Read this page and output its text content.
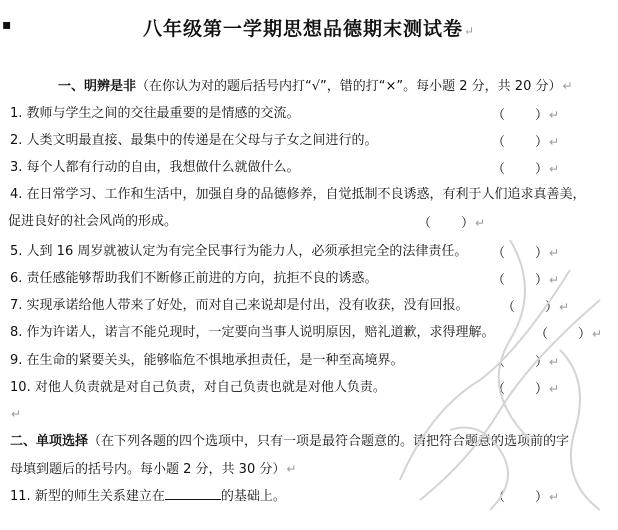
▪	八年级第一学期思想品德期末测试卷↵
一、明辨是非（在你认为对的题后括号内打“√”，错的打“×”。每小题 2 分，共 20 分）↵
1. 教师与学生之间的交往最重要的是情感的交流。	（ ）↵
2. 人类文明最直接、最集中的传递是在父母与子女之间进行的。	（ ）↵
3. 每个人都有行动的自由，我想做什么就做什么。	（ ）↵
4. 在日常学习、工作和生活中，加强自身的品德修养，自觉抵制不良诱惑，有利于人们追求真善美，
促进良好的社会风尚的形成。	（ ）↵
5. 人到 16 周岁就被认定为有完全民事行为能力人，必须承担完全的法律责任。	（ ）↵
6. 责任感能够帮助我们不断修正前进的方向，抗拒不良的诱惑。	（ ）↵
7. 实现承诺给他人带来了好处，而对自己来说却是付出，没有收获，没有回报。	（ ）↵
8. 作为许诺人，诺言不能兑现时，一定要向当事人说明原因，赔礼道歉，求得理解。	（ ）↵
9. 在生命的紧要关头，能够临危不惧地承担责任，是一种至高境界。	（ ）↵
10. 对他人负责就是对自己负责，对自己负责也就是对他人负责。	（ ）↵
↵
二、单项选择（在下列各题的四个选项中，只有一项是最符合题意的。请把符合题意的选项前的字
母填到题后的括号内。每小题 2 分，共 30 分）↵
11. 新型的师生关系建立在	的基础上。	（ ）↵
